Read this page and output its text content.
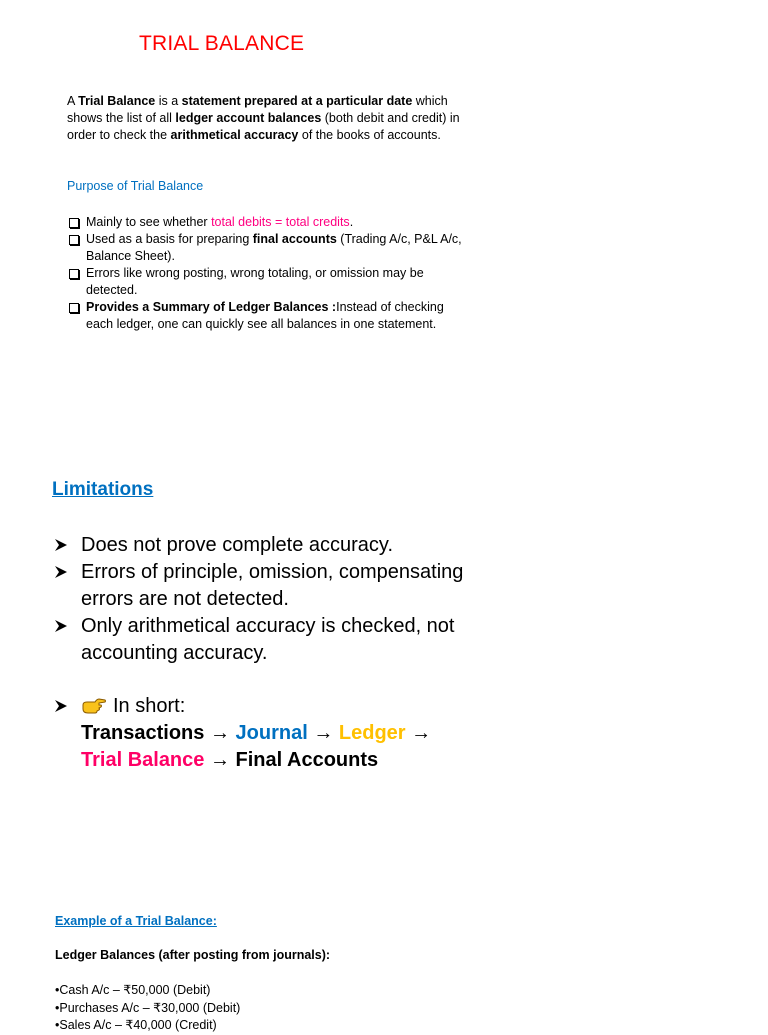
TRIAL BALANCE
A Trial Balance is a statement prepared at a particular date which shows the list of all ledger account balances (both debit and credit) in order to check the arithmetical accuracy of the books of accounts.
Purpose of Trial Balance
Mainly to see whether total debits = total credits.
Used as a basis for preparing final accounts (Trading A/c, P&L A/c, Balance Sheet).
Errors like wrong posting, wrong totaling, or omission may be detected.
Provides a Summary of Ledger Balances :Instead of checking each ledger, one can quickly see all balances in one statement.
Limitations
Does not prove complete accuracy.
Errors of principle, omission, compensating errors are not detected.
Only arithmetical accuracy is checked, not accounting accuracy.
In short:
Transactions → Journal → Ledger →
Trial Balance → Final Accounts
Example of a Trial Balance:
Ledger Balances (after posting from journals):
•Cash A/c – ₹50,000 (Debit)
•Purchases A/c – ₹30,000 (Debit)
•Sales A/c – ₹40,000 (Credit)
